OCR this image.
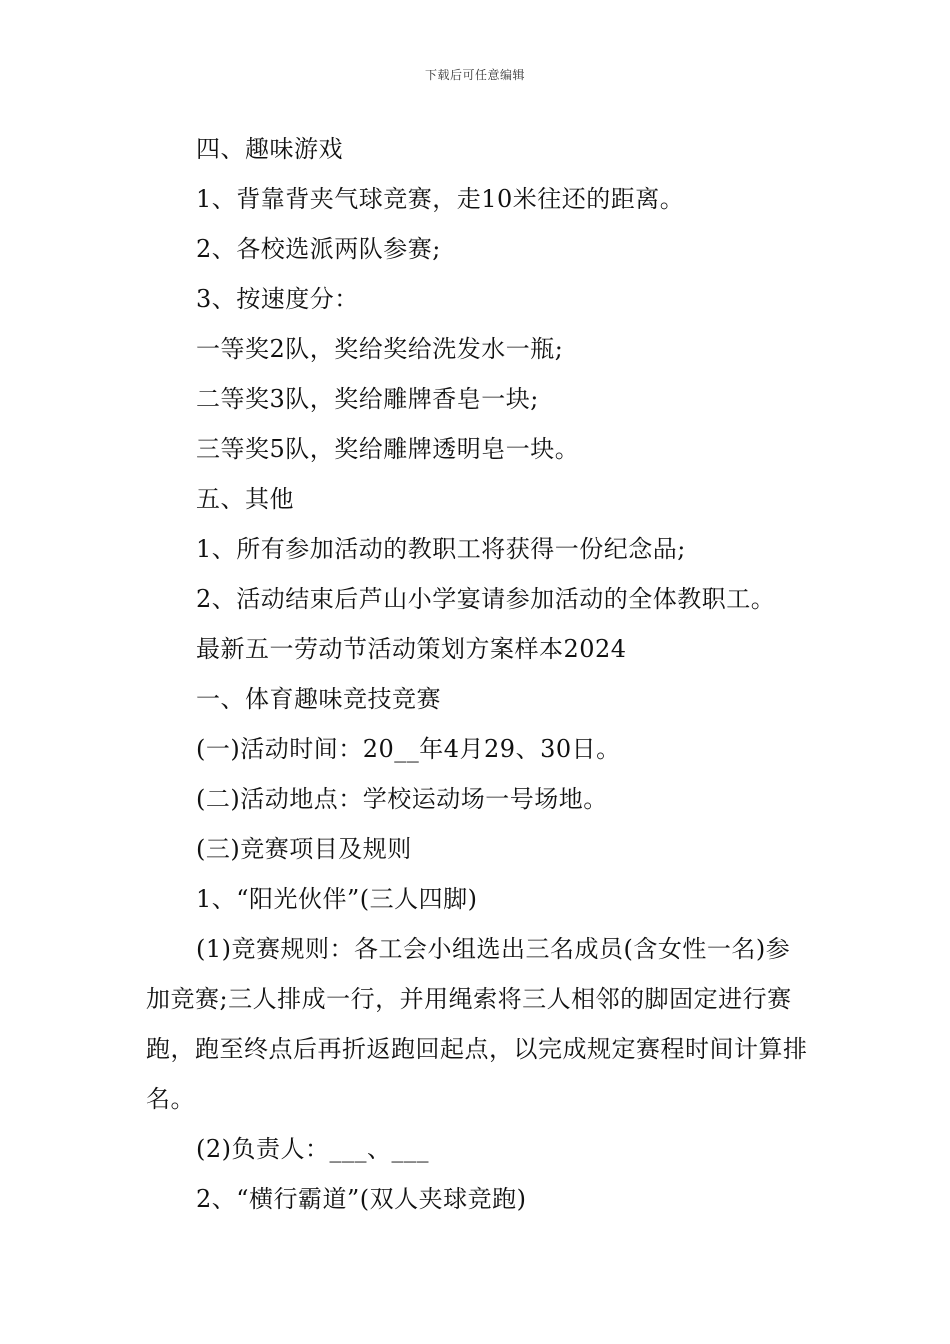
下载后可任意编辑
四、趣味游戏
1、背靠背夹气球竞赛，走10米往还的距离。
2、各校选派两队参赛;
3、按速度分：
一等奖2队，奖给奖给洗发水一瓶;
二等奖3队，奖给雕牌香皂一块;
三等奖5队，奖给雕牌透明皂一块。
五、其他
1、所有参加活动的教职工将获得一份纪念品;
2、活动结束后芦山小学宴请参加活动的全体教职工。
最新五一劳动节活动策划方案样本2024
一、体育趣味竞技竞赛
(一)活动时间：20__年4月29、30日。
(二)活动地点：学校运动场一号场地。
(三)竞赛项目及规则
1、“阳光伙伴”(三人四脚)
(1)竞赛规则：各工会小组选出三名成员(含女性一名)参加竞赛;三人排成一行，并用绳索将三人相邻的脚固定进行赛跑，跑至终点后再折返跑回起点，以完成规定赛程时间计算排名。
(2)负责人：___、___
2、“横行霸道”(双人夹球竞跑)
